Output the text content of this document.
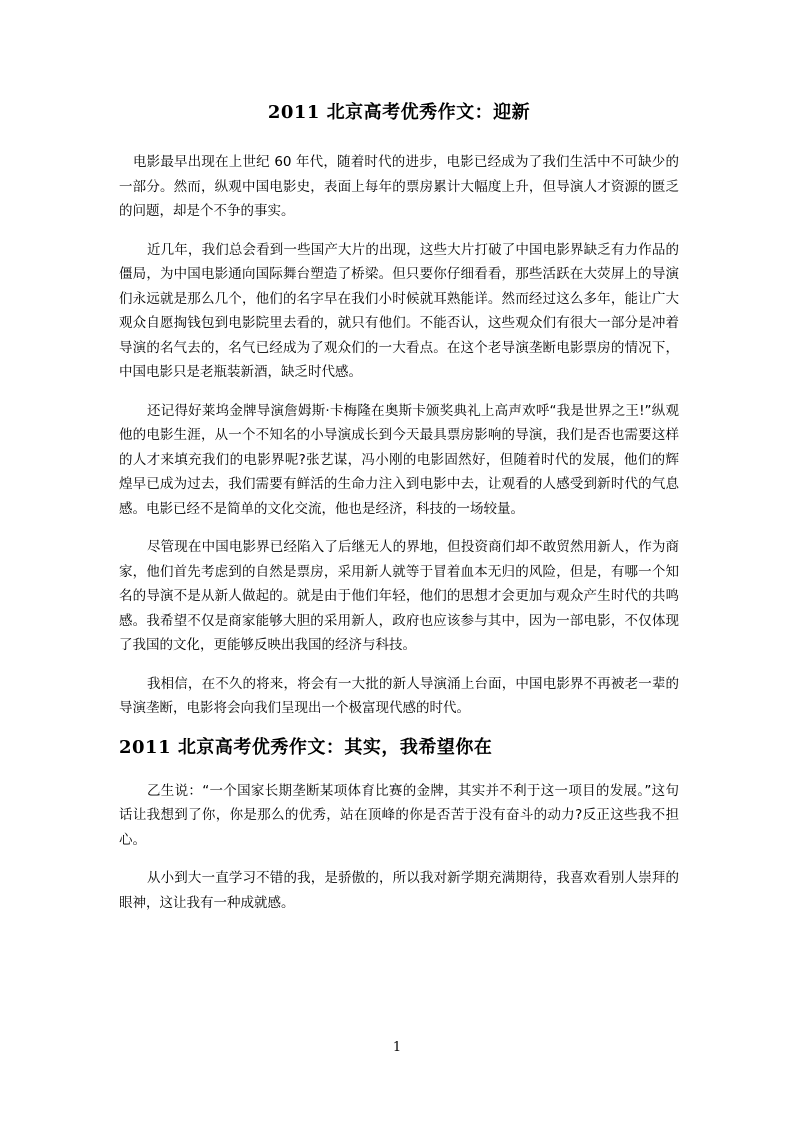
2011 北京高考优秀作文：迎新

电影最早出现在上世纪 60 年代，随着时代的进步，电影已经成为了我们生活中不可缺少的一部分。然而，纵观中国电影史，表面上每年的票房累计大幅度上升，但导演人才资源的匮乏的问题，却是个不争的事实。

近几年，我们总会看到一些国产大片的出现，这些大片打破了中国电影界缺乏有力作品的僵局，为中国电影通向国际舞台塑造了桥梁。但只要你仔细看看，那些活跃在大荧屏上的导演们永远就是那么几个，他们的名字早在我们小时候就耳熟能详。然而经过这么多年，能让广大观众自愿掏钱包到电影院里去看的，就只有他们。不能否认，这些观众们有很大一部分是冲着导演的名气去的，名气已经成为了观众们的一大看点。在这个老导演垄断电影票房的情况下，中国电影只是老瓶装新酒，缺乏时代感。

还记得好莱坞金牌导演詹姆斯·卡梅隆在奥斯卡颁奖典礼上高声欢呼“我是世界之王!”纵观他的电影生涯，从一个不知名的小导演成长到今天最具票房影响的导演，我们是否也需要这样的人才来填充我们的电影界呢?张艺谋，冯小刚的电影固然好，但随着时代的发展，他们的辉煌早已成为过去，我们需要有鲜活的生命力注入到电影中去，让观看的人感受到新时代的气息感。电影已经不是简单的文化交流，他也是经济，科技的一场较量。

尽管现在中国电影界已经陷入了后继无人的界地，但投资商们却不敢贸然用新人，作为商家，他们首先考虑到的自然是票房，采用新人就等于冒着血本无归的风险，但是，有哪一个知名的导演不是从新人做起的。就是由于他们年轻，他们的思想才会更加与观众产生时代的共鸣感。我希望不仅是商家能够大胆的采用新人，政府也应该参与其中，因为一部电影，不仅体现了我国的文化，更能够反映出我国的经济与科技。

我相信，在不久的将来，将会有一大批的新人导演涌上台面，中国电影界不再被老一辈的导演垄断，电影将会向我们呈现出一个极富现代感的时代。

2011 北京高考优秀作文：其实，我希望你在

乙生说：“一个国家长期垄断某项体育比赛的金牌，其实并不利于这一项目的发展。”这句话让我想到了你，你是那么的优秀，站在顶峰的你是否苦于没有奋斗的动力?反正这些我不担心。

从小到大一直学习不错的我，是骄傲的，所以我对新学期充满期待，我喜欢看别人崇拜的眼神，这让我有一种成就感。

1
